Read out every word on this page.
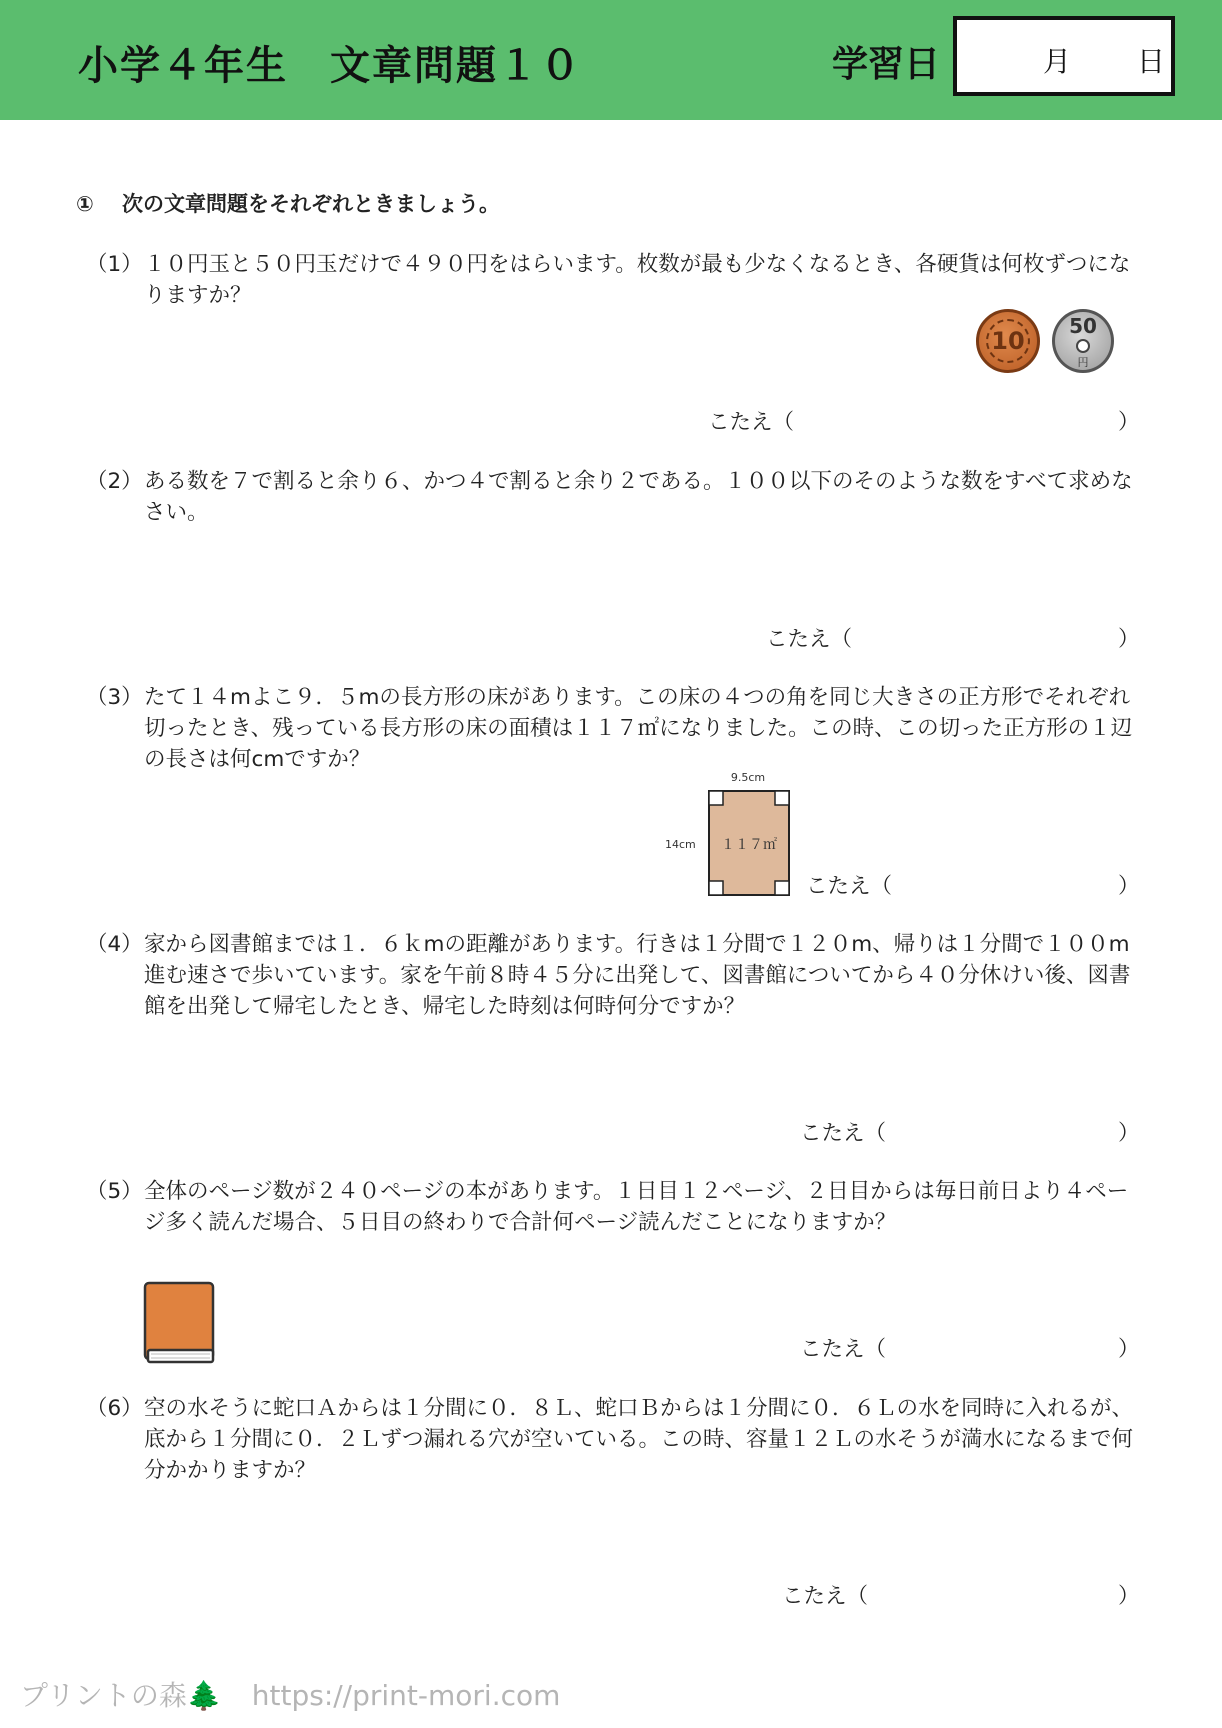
小学４年生　文章問題１０	学習日	月 日
① 次の文章問題をそれぞれときましょう。
（1） １０円玉と５０円玉だけで４９０円をはらいます。枚数が最も少なくなるとき、各硬貨は何枚ずつになりますか？
10
50
円
こたえ（	）
（2） ある数を７で割ると余り６、かつ４で割ると余り２である。１００以下のそのような数をすべて求めなさい。
こたえ（	）
（3） たて１４mよこ９．５mの長方形の床があります。この床の４つの角を同じ大きさの正方形でそれぞれ切ったとき、残っている長方形の床の面積は１１７㎡になりました。この時、この切った正方形の１辺の長さは何cmですか？
9.5cm
14cm １１７㎡
こたえ（	）
（4） 家から図書館までは１．６ｋmの距離があります。行きは１分間で１２０m、帰りは１分間で１００m進む速さで歩いています。家を午前８時４５分に出発して、図書館についてから４０分休けい後、図書館を出発して帰宅したとき、帰宅した時刻は何時何分ですか？
こたえ（	）
（5） 全体のページ数が２４０ページの本があります。１日目１２ページ、２日目からは毎日前日より４ページ多く読んだ場合、５日目の終わりで合計何ページ読んだことになりますか？
こたえ（	）
（6） 空の水そうに蛇口Ａからは１分間に０．８Ｌ、蛇口Ｂからは１分間に０．６Ｌの水を同時に入れるが、底から１分間に０．２Ｌずつ漏れる穴が空いている。この時、容量１２Ｌの水そうが満水になるまで何分かかりますか？
こたえ（	）
プリントの森🌲 https://print-mori.com
